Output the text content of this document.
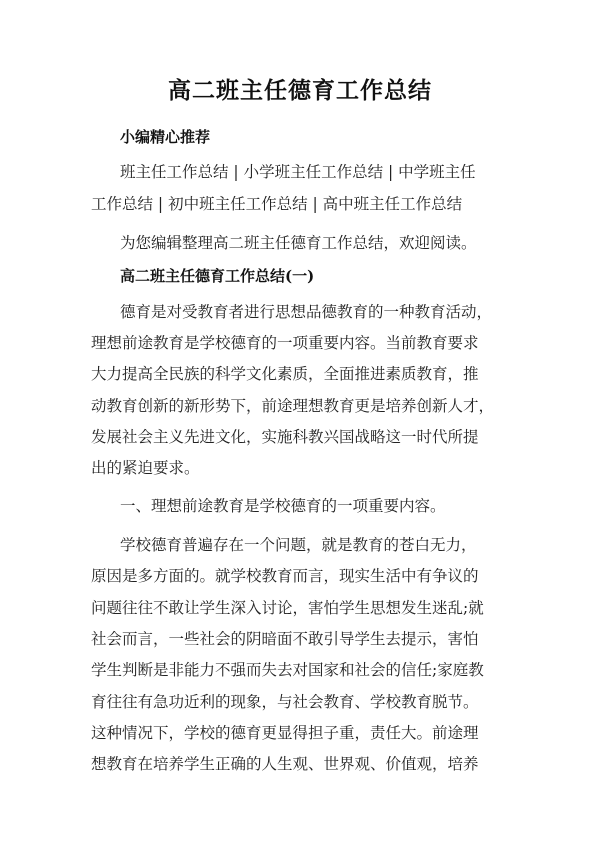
高二班主任德育工作总结
小编精心推荐
班主任工作总结 | 小学班主任工作总结 | 中学班主任
工作总结 | 初中班主任工作总结 | 高中班主任工作总结
为您编辑整理高二班主任德育工作总结，欢迎阅读。
高二班主任德育工作总结(一)
德育是对受教育者进行思想品德教育的一种教育活动，
理想前途教育是学校德育的一项重要内容。当前教育要求
大力提高全民族的科学文化素质，全面推进素质教育，推
动教育创新的新形势下，前途理想教育更是培养创新人才，
发展社会主义先进文化，实施科教兴国战略这一时代所提
出的紧迫要求。
一、理想前途教育是学校德育的一项重要内容。
学校德育普遍存在一个问题，就是教育的苍白无力，
原因是多方面的。就学校教育而言，现实生活中有争议的
问题往往不敢让学生深入讨论，害怕学生思想发生迷乱;就
社会而言，一些社会的阴暗面不敢引导学生去提示，害怕
学生判断是非能力不强而失去对国家和社会的信任;家庭教
育往往有急功近利的现象，与社会教育、学校教育脱节。
这种情况下，学校的德育更显得担子重，责任大。前途理
想教育在培养学生正确的人生观、世界观、价值观，培养
